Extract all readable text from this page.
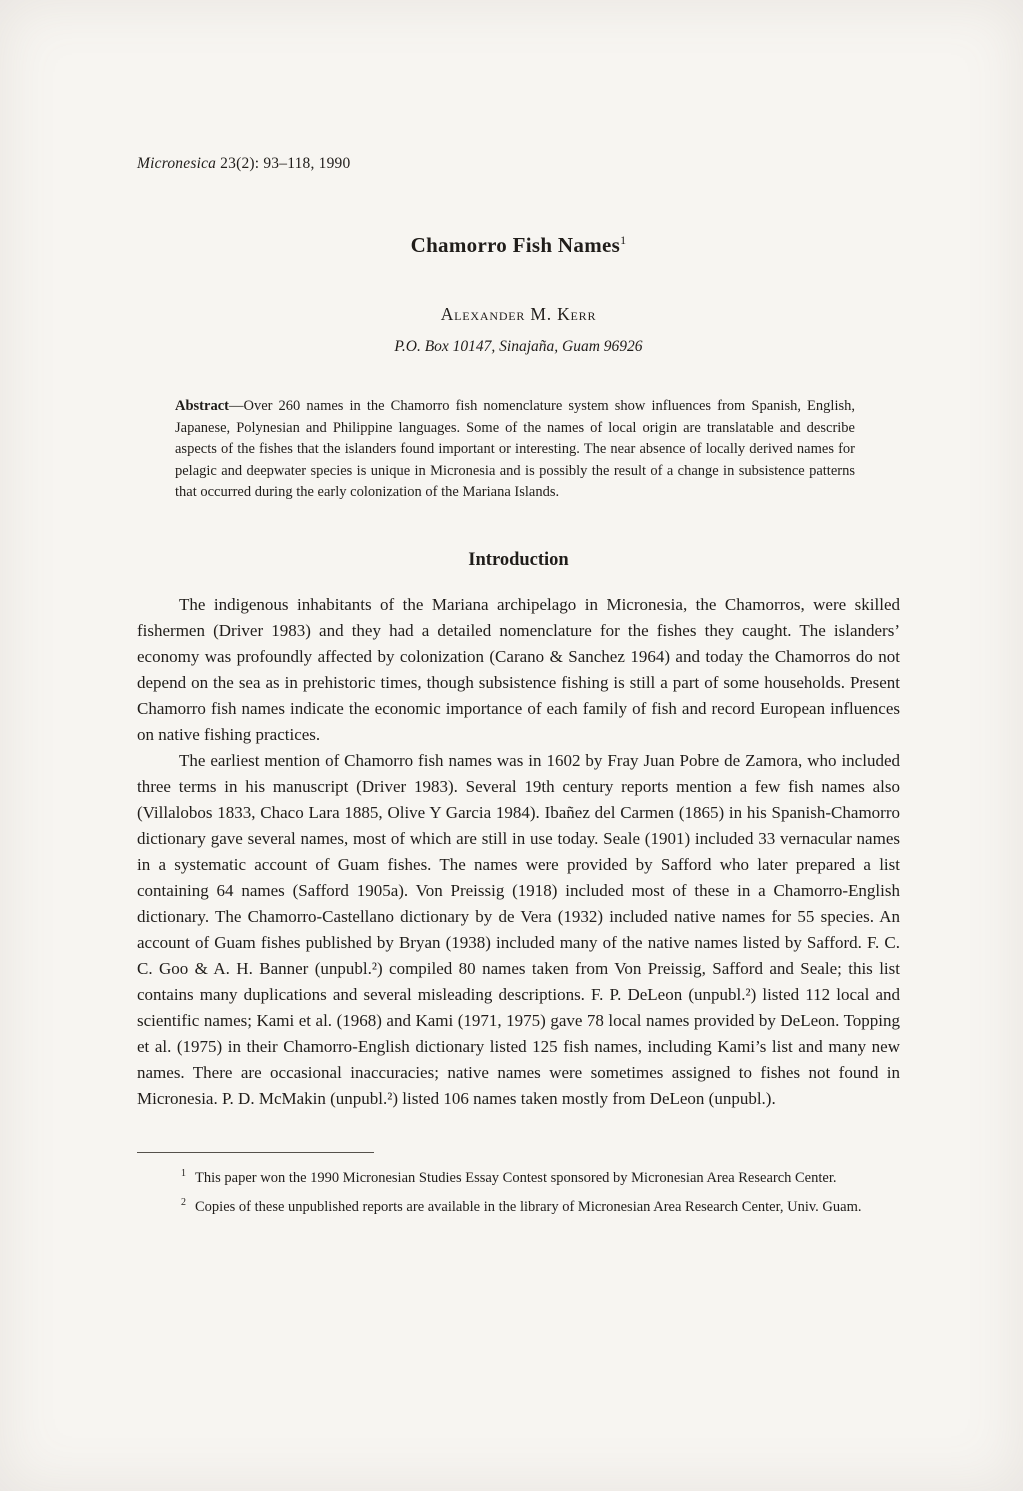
Micronesica 23(2): 93–118, 1990
Chamorro Fish Names$^1$
Alexander M. Kerr
P.O. Box 10147, Sinajaña, Guam 96926

Abstract—Over 260 names in the Chamorro fish nomenclature system show influences from Spanish, English, Japanese, Polynesian and Philippine languages. Some of the names of local origin are translatable and describe aspects of the fishes that the islanders found important or interesting. The near absence of locally derived names for pelagic and deepwater species is unique in Micronesia and is possibly the result of a change in subsistence patterns that occurred during the early colonization of the Mariana Islands.

Introduction

The indigenous inhabitants of the Mariana archipelago in Micronesia, the Chamorros, were skilled fishermen (Driver 1983) and they had a detailed nomenclature for the fishes they caught. The islanders’ economy was profoundly affected by colonization (Carano & Sanchez 1964) and today the Chamorros do not depend on the sea as in prehistoric times, though subsistence fishing is still a part of some households. Present Chamorro fish names indicate the economic importance of each family of fish and record European influences on native fishing practices.

The earliest mention of Chamorro fish names was in 1602 by Fray Juan Pobre de Zamora, who included three terms in his manuscript (Driver 1983). Several 19th century reports mention a few fish names also (Villalobos 1833, Chaco Lara 1885, Olive Y Garcia 1984). Ibañez del Carmen (1865) in his Spanish-Chamorro dictionary gave several names, most of which are still in use today. Seale (1901) included 33 vernacular names in a systematic account of Guam fishes. The names were provided by Safford who later prepared a list containing 64 names (Safford 1905a). Von Preissig (1918) included most of these in a Chamorro-English dictionary. The Chamorro-Castellano dictionary by de Vera (1932) included native names for 55 species. An account of Guam fishes published by Bryan (1938) included many of the native names listed by Safford. F. C. C. Goo & A. H. Banner (unpubl.²) compiled 80 names taken from Von Preissig, Safford and Seale; this list contains many duplications and several misleading descriptions. F. P. DeLeon (unpubl.²) listed 112 local and scientific names; Kami et al. (1968) and Kami (1971, 1975) gave 78 local names provided by DeLeon. Topping et al. (1975) in their Chamorro-English dictionary listed 125 fish names, including Kami’s list and many new names. There are occasional inaccuracies; native names were sometimes assigned to fishes not found in Micronesia. P. D. McMakin (unpubl.²) listed 106 names taken mostly from DeLeon (unpubl.).

$^1$ This paper won the 1990 Micronesian Studies Essay Contest sponsored by Micronesian Area Research Center.
$^2$ Copies of these unpublished reports are available in the library of Micronesian Area Research Center, Univ. Guam.
